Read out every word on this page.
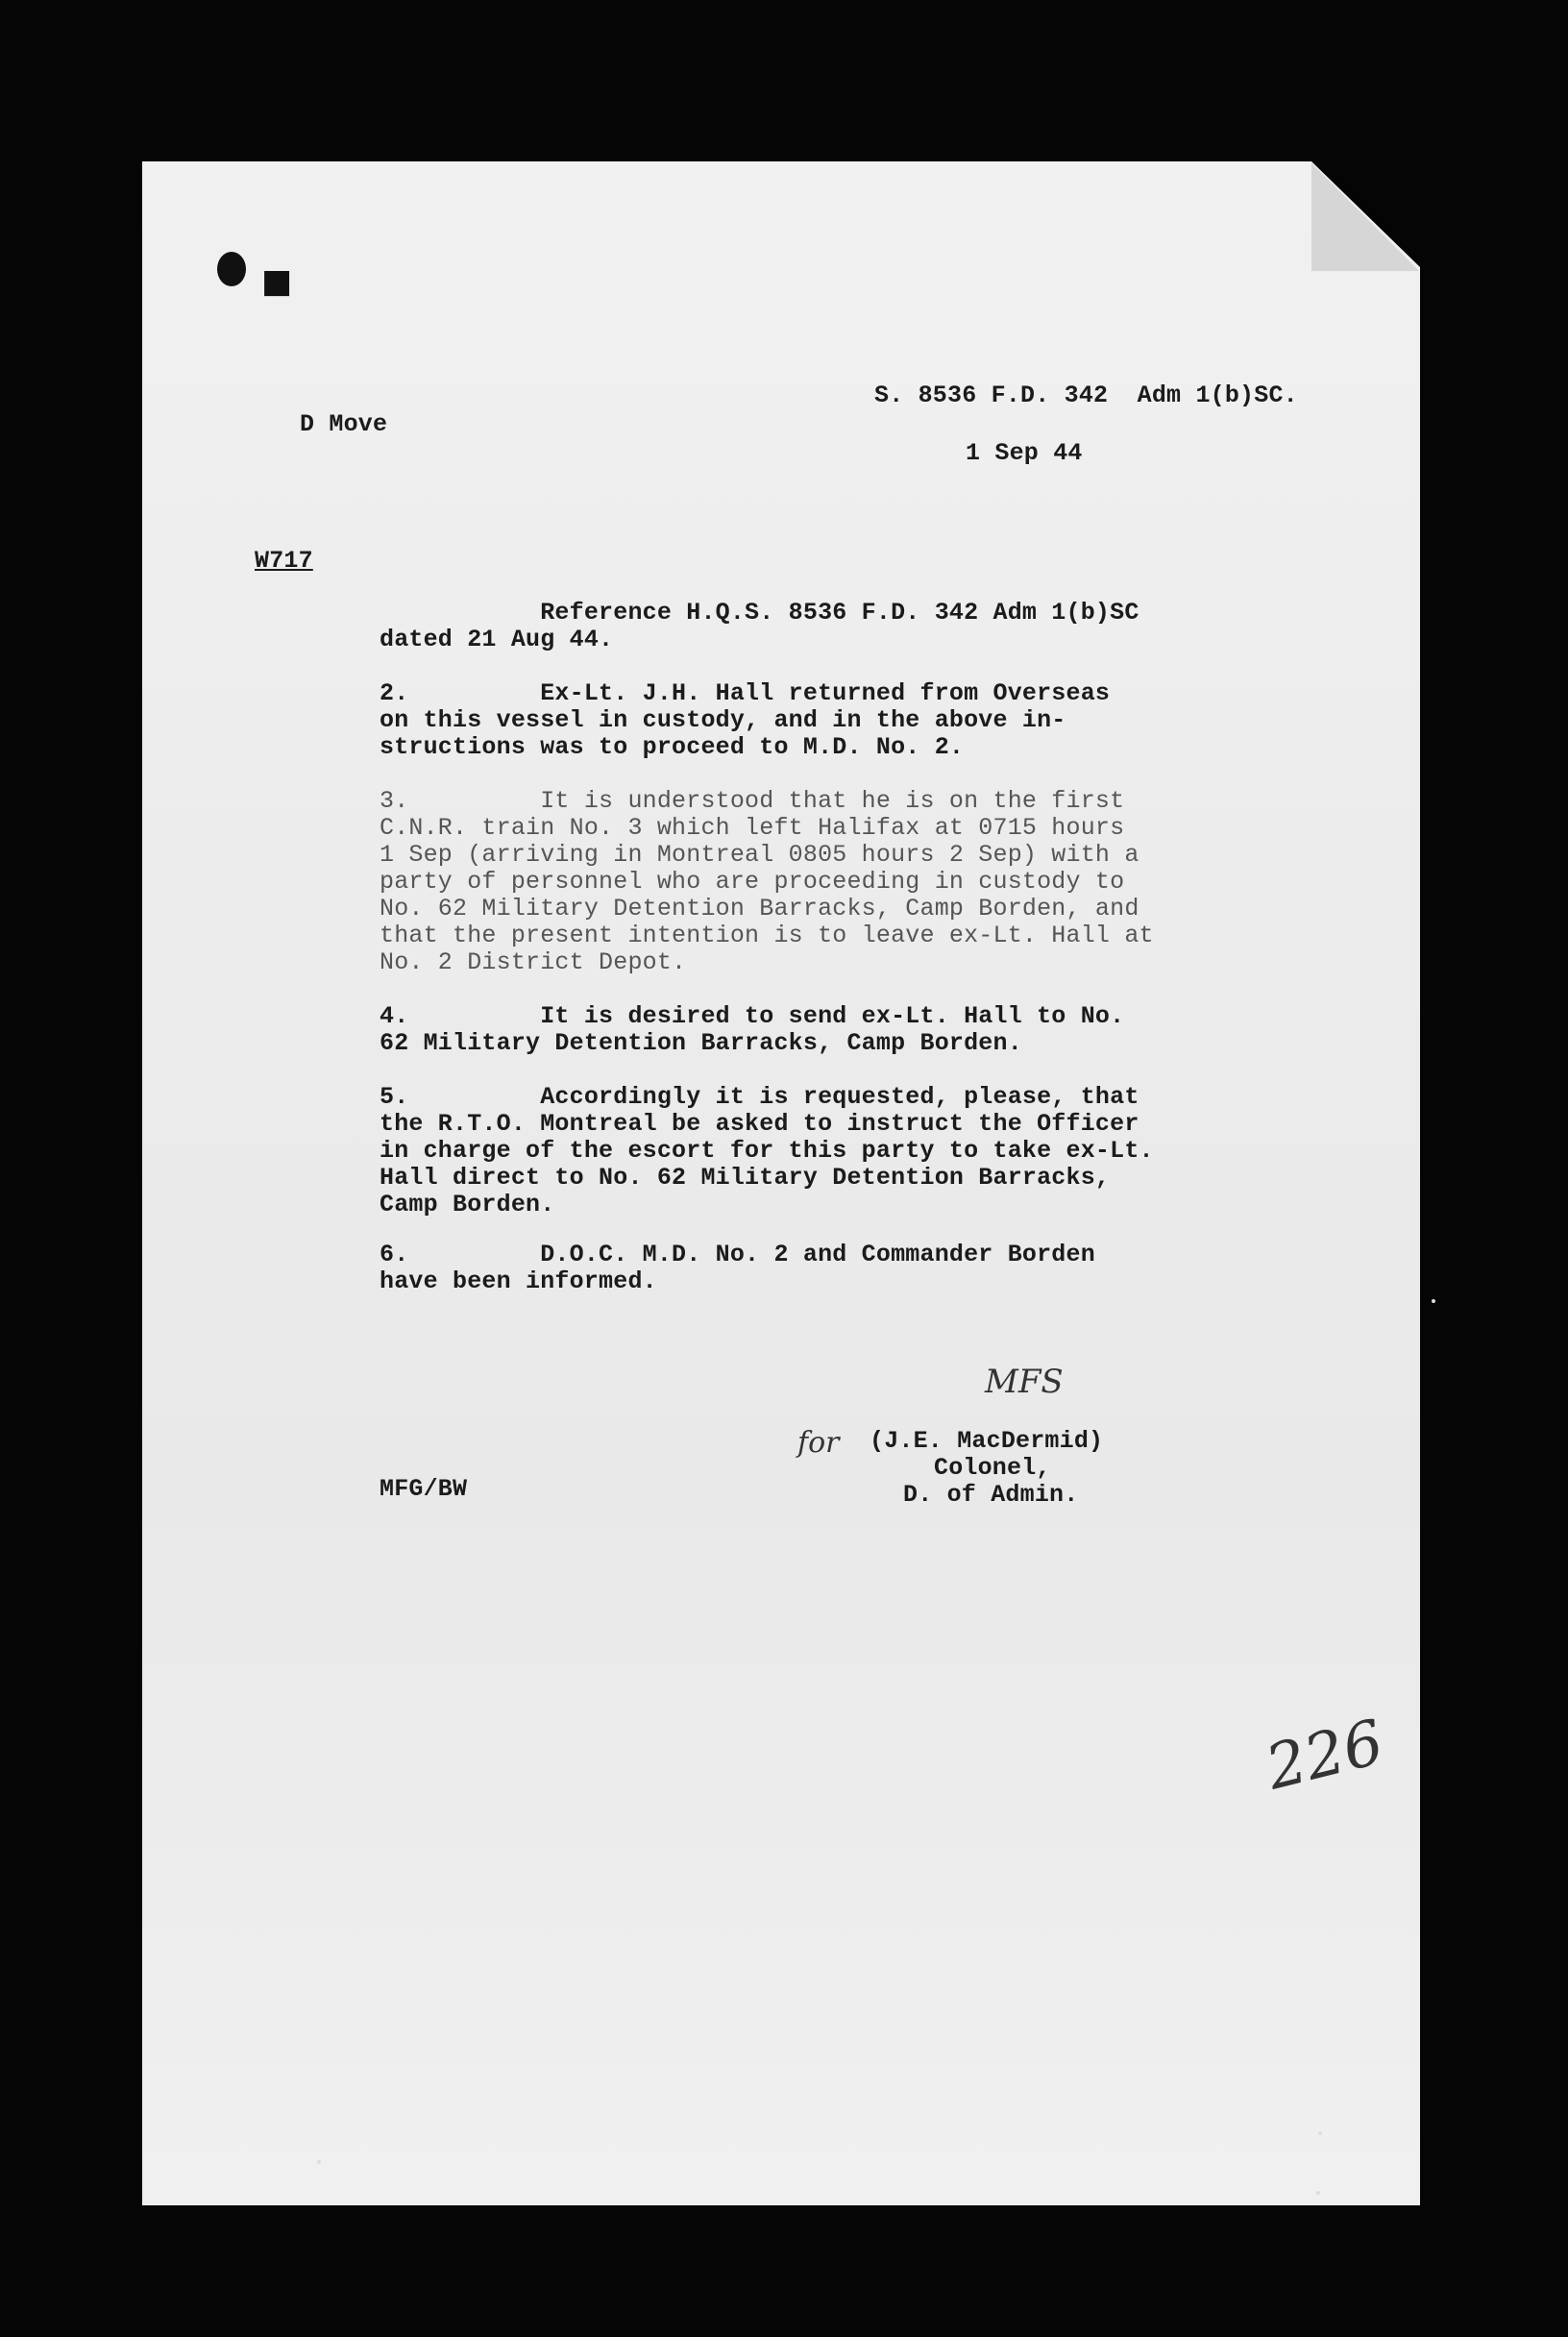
■
S. 8536 F.D. 342  Adm 1(b)SC.
D Move
1 Sep 44
W717
Reference H.Q.S. 8536 F.D. 342 Adm 1(b)SC
dated 21 Aug 44.
2.         Ex-Lt. J.H. Hall returned from Overseas
on this vessel in custody, and in the above in-
structions was to proceed to M.D. No. 2.
3.         It is understood that he is on the first
C.N.R. train No. 3 which left Halifax at 0715 hours
1 Sep (arriving in Montreal 0805 hours 2 Sep) with a
party of personnel who are proceeding in custody to
No. 62 Military Detention Barracks, Camp Borden, and
that the present intention is to leave ex-Lt. Hall at
No. 2 District Depot.
4.         It is desired to send ex-Lt. Hall to No.
62 Military Detention Barracks, Camp Borden.
5.         Accordingly it is requested, please, that
the R.T.O. Montreal be asked to instruct the Officer
in charge of the escort for this party to take ex-Lt.
Hall direct to No. 62 Military Detention Barracks,
Camp Borden.
6.         D.O.C. M.D. No. 2 and Commander Borden
have been informed.
MFS
for (J.E. MacDermid)
Colonel,
D. of Admin.
MFG/BW
226
